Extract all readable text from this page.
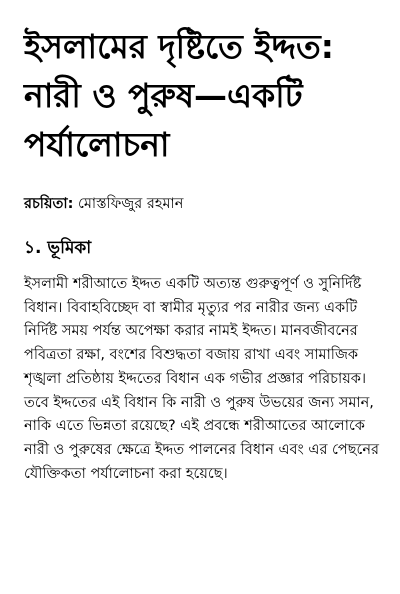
ইসলামের দৃষ্টিতে ইদ্দত: নারী ও পুরুষ—একটি পর্যালোচনা

রচয়িতা: মোস্তফিজুর রহমান

১. ভূমিকা

ইসলামী শরীআতে ইদ্দত একটি অত্যন্ত গুরুত্বপূর্ণ ও সুনির্দিষ্ট বিধান। বিবাহবিচ্ছেদ বা স্বামীর মৃত্যুর পর নারীর জন্য একটি নির্দিষ্ট সময় পর্যন্ত অপেক্ষা করার নামই ইদ্দত। মানবজীবনের পবিত্রতা রক্ষা, বংশের বিশুদ্ধতা বজায় রাখা এবং সামাজিক শৃঙ্খলা প্রতিষ্ঠায় ইদ্দতের বিধান এক গভীর প্রজ্ঞার পরিচায়ক। তবে ইদ্দতের এই বিধান কি নারী ও পুরুষ উভয়ের জন্য সমান, নাকি এতে ভিন্নতা রয়েছে? এই প্রবন্ধে শরীআতের আলোকে নারী ও পুরুষের ক্ষেত্রে ইদ্দত পালনের বিধান এবং এর পেছনের যৌক্তিকতা পর্যালোচনা করা হয়েছে।
